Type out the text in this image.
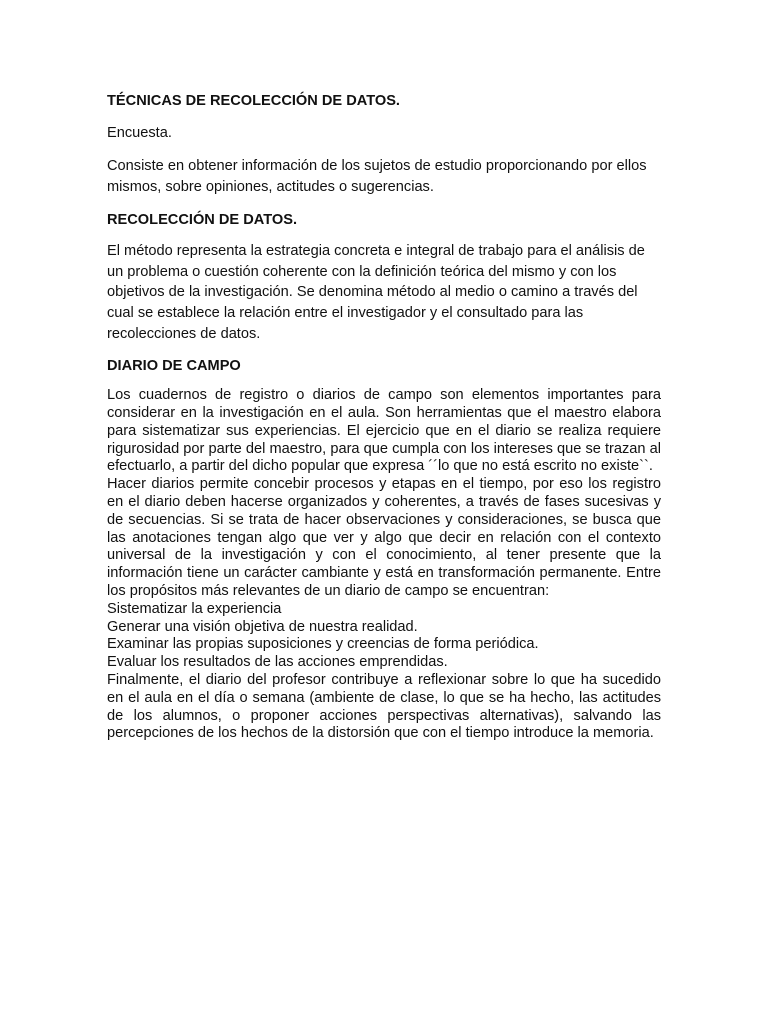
TÉCNICAS DE RECOLECCIÓN DE DATOS.

Encuesta.

Consiste en obtener información de los sujetos de estudio proporcionando por ellos mismos, sobre opiniones, actitudes o sugerencias.

RECOLECCIÓN DE DATOS.

El método representa la estrategia concreta e integral de trabajo para el análisis de un problema o cuestión coherente con la definición teórica del mismo y con los objetivos de la investigación. Se denomina método al medio o camino a través del cual se establece la relación entre el investigador y el consultado para las recolecciones de datos.

DIARIO DE CAMPO

Los cuadernos de registro o diarios de campo son elementos importantes para considerar en la investigación en el aula. Son herramientas que el maestro elabora para sistematizar sus experiencias. El ejercicio que en el diario se realiza requiere rigurosidad por parte del maestro, para que cumpla con los intereses que se trazan al efectuarlo, a partir del dicho popular que expresa ´´lo que no está escrito no existe``.
Hacer diarios permite concebir procesos y etapas en el tiempo, por eso los registro en el diario deben hacerse organizados y coherentes, a través de fases sucesivas y de secuencias. Si se trata de hacer observaciones y consideraciones, se busca que las anotaciones tengan algo que ver y algo que decir en relación con el contexto universal de la investigación y con el conocimiento, al tener presente que la información tiene un carácter cambiante y está en transformación permanente. Entre los propósitos más relevantes de un diario de campo se encuentran:
Sistematizar la experiencia
Generar una visión objetiva de nuestra realidad.
Examinar las propias suposiciones y creencias de forma periódica.
Evaluar los resultados de las acciones emprendidas.
Finalmente, el diario del profesor contribuye a reflexionar sobre lo que ha sucedido en el aula en el día o semana (ambiente de clase, lo que se ha hecho, las actitudes de los alumnos, o proponer acciones perspectivas alternativas), salvando las percepciones de los hechos de la distorsión que con el tiempo introduce la memoria.
